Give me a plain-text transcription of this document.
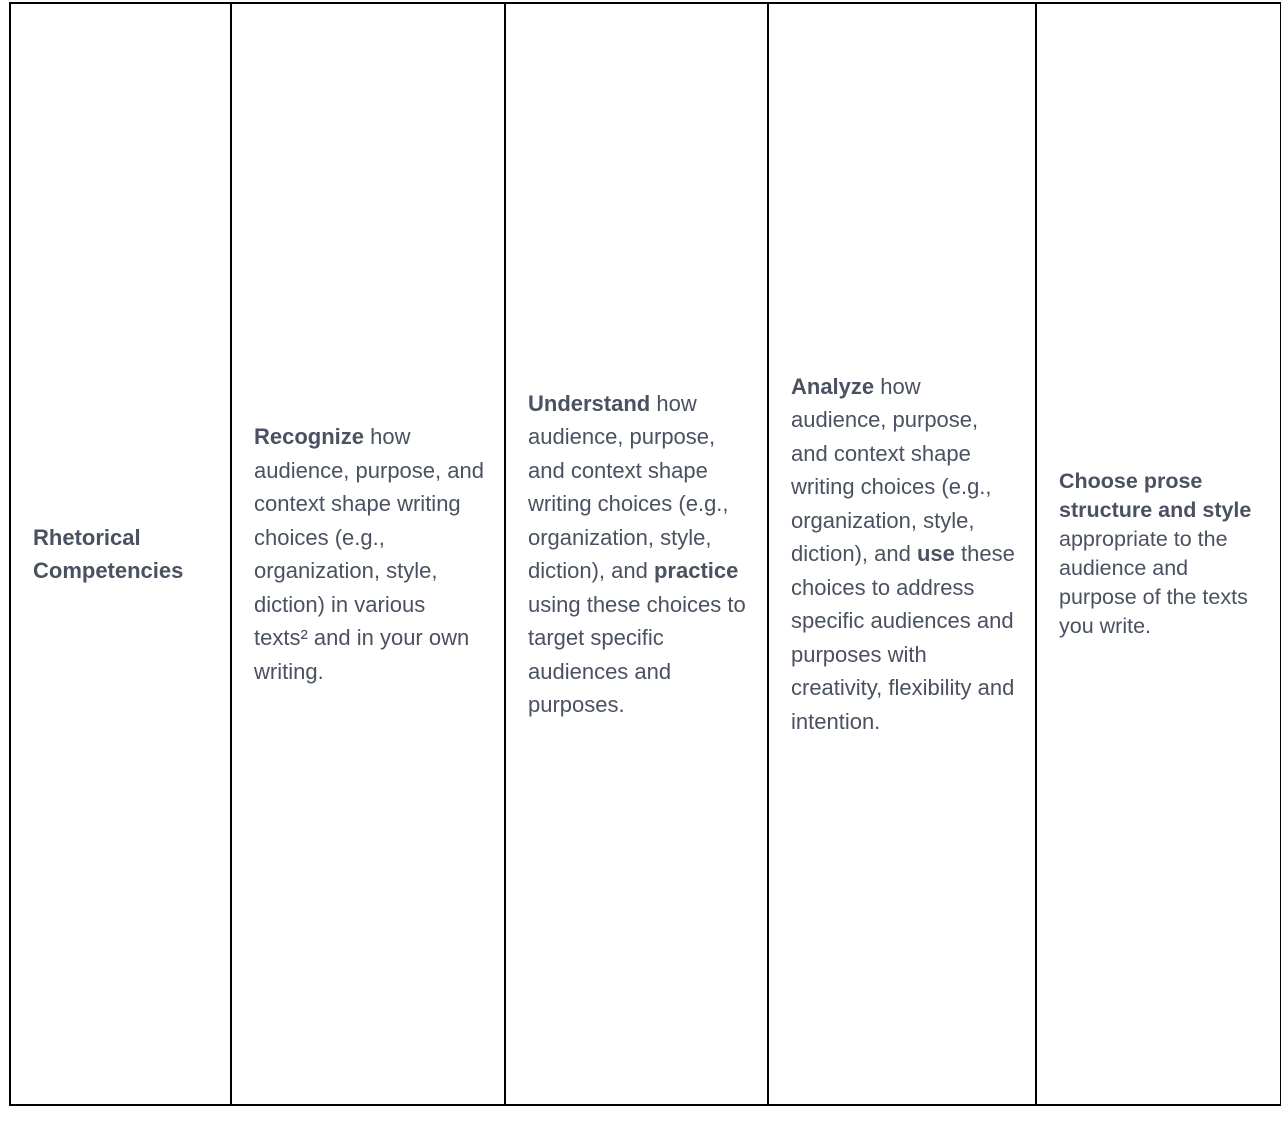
Rhetorical Competencies	Recognize how audience, purpose, and context shape writing choices (e.g., organization, style, diction) in various texts² and in your own writing.	Understand how audience, purpose, and context shape writing choices (e.g., organization, style, diction), and practice using these choices to target specific audiences and purposes.	Analyze how audience, purpose, and context shape writing choices (e.g., organization, style, diction), and use these choices to address specific audiences and purposes with creativity, flexibility and intention.	Choose prose structure and style appropriate to the audience and purpose of the texts you write.
